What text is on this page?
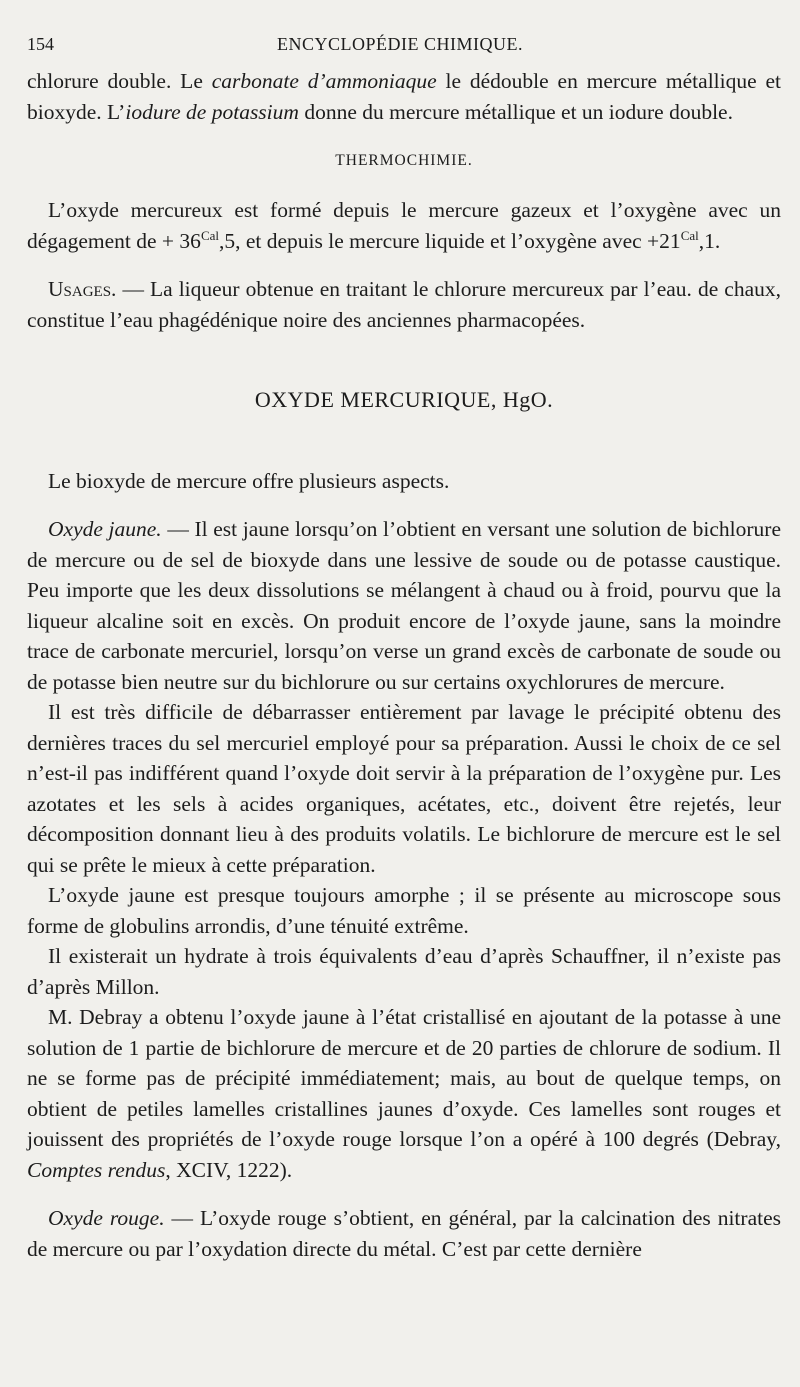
154	ENCYCLOPÉDIE CHIMIQUE.

chlorure double. Le carbonate d’ammoniaque le dédouble en mercure métallique et bioxyde. L’iodure de potassium donne du mercure métallique et un iodure double.

THERMOCHIMIE.

L’oxyde mercureux est formé depuis le mercure gazeux et l’oxygène avec un dégagement de + $36^{Cal},5$, et depuis le mercure liquide et l’oxygène avec $+21^{Cal},1$.

Usages. — La liqueur obtenue en traitant le chlorure mercureux par l’eau. de chaux, constitue l’eau phagédénique noire des anciennes pharmacopées.

OXYDE MERCURIQUE, HgO.

Le bioxyde de mercure offre plusieurs aspects.

Oxyde jaune. — Il est jaune lorsqu’on l’obtient en versant une solution de bichlorure de mercure ou de sel de bioxyde dans une lessive de soude ou de potasse caustique. Peu importe que les deux dissolutions se mélangent à chaud ou à froid, pourvu que la liqueur alcaline soit en excès. On produit encore de l’oxyde jaune, sans la moindre trace de carbonate mercuriel, lorsqu’on verse un grand excès de carbonate de soude ou de potasse bien neutre sur du bichlorure ou sur certains oxychlorures de mercure.

Il est très difficile de débarrasser entièrement par lavage le précipité obtenu des dernières traces du sel mercuriel employé pour sa préparation. Aussi le choix de ce sel n’est-il pas indifférent quand l’oxyde doit servir à la préparation de l’oxygène pur. Les azotates et les sels à acides organiques, acétates, etc., doivent être rejetés, leur décomposition donnant lieu à des produits volatils. Le bichlorure de mercure est le sel qui se prête le mieux à cette préparation.

L’oxyde jaune est presque toujours amorphe ; il se présente au microscope sous forme de globulins arrondis, d’une ténuité extrême.

Il existerait un hydrate à trois équivalents d’eau d’après Schauffner, il n’existe pas d’après Millon.

M. Debray a obtenu l’oxyde jaune à l’état cristallisé en ajoutant de la potasse à une solution de 1 partie de bichlorure de mercure et de 20 parties de chlorure de sodium. Il ne se forme pas de précipité immédiatement; mais, au bout de quelque temps, on obtient de petiles lamelles cristallines jaunes d’oxyde. Ces lamelles sont rouges et jouissent des propriétés de l’oxyde rouge lorsque l’on a opéré à 100 degrés (Debray, Comptes rendus, XCIV, 1222).

Oxyde rouge. — L’oxyde rouge s’obtient, en général, par la calcination des nitrates de mercure ou par l’oxydation directe du métal. C’est par cette dernière
